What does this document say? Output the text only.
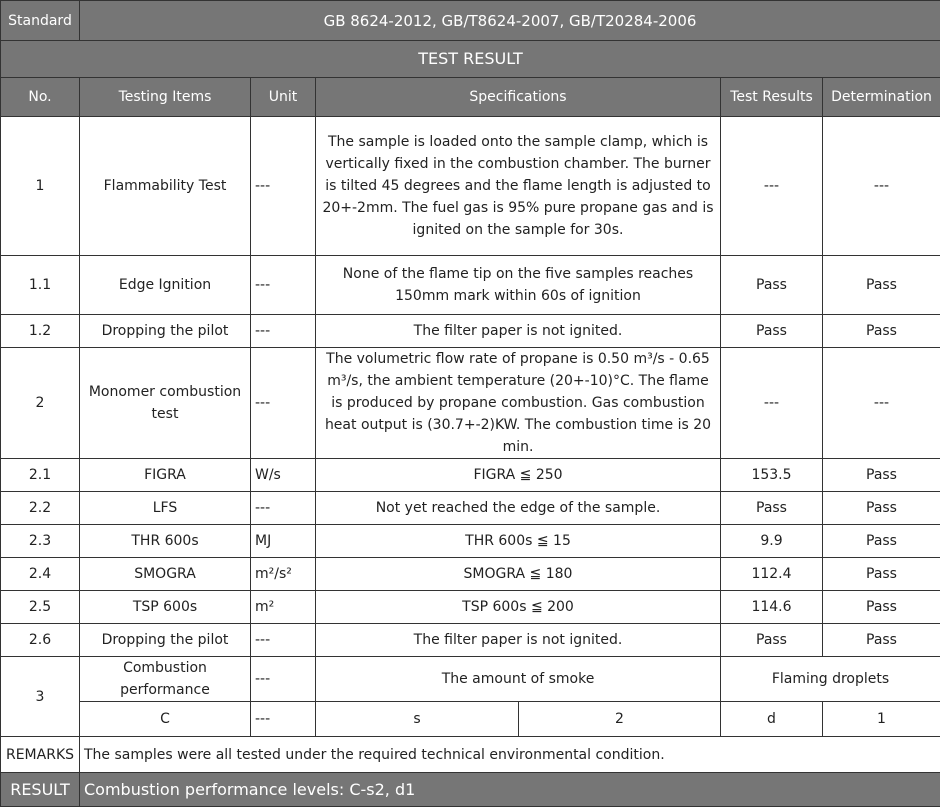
Standard	GB 8624-2012, GB/T8624-2007, GB/T20284-2006					
TEST RESULT						
No.	Testing Items	Unit	Specifications		Test Results	Determination
1	Flammability Test	---	The sample is loaded onto the sample clamp, which is vertically fixed in the combustion chamber. The burner is tilted 45 degrees and the flame length is adjusted to 20+-2mm. The fuel gas is 95% pure propane gas and is ignited on the sample for 30s.		---	---
1.1	Edge Ignition	---	None of the flame tip on the five samples reaches 150mm mark within 60s of ignition		Pass	Pass
1.2	Dropping the pilot	---	The filter paper is not ignited.		Pass	Pass
2	Monomer combustion test	---	The volumetric flow rate of propane is 0.50 m³/s - 0.65 m³/s, the ambient temperature (20+-10)°C. The flame is produced by propane combustion. Gas combustion heat output is (30.7+-2)KW. The combustion time is 20 min.		---	---
2.1	FIGRA	W/s	FIGRA ≦ 250		153.5	Pass
2.2	LFS	---	Not yet reached the edge of the sample.		Pass	Pass
2.3	THR 600s	MJ	THR 600s ≦ 15		9.9	Pass
2.4	SMOGRA	m²/s²	SMOGRA ≦ 180		112.4	Pass
2.5	TSP 600s	m²	TSP 600s ≦ 200		114.6	Pass
2.6	Dropping the pilot	---	The filter paper is not ignited.		Pass	Pass
3	Combustion performance	---	The amount of smoke		Flaming droplets	
	C	---	s	2	d	1
REMARKS	The samples were all tested under the required technical environmental condition.					
RESULT	Combustion performance levels: C-s2, d1					
